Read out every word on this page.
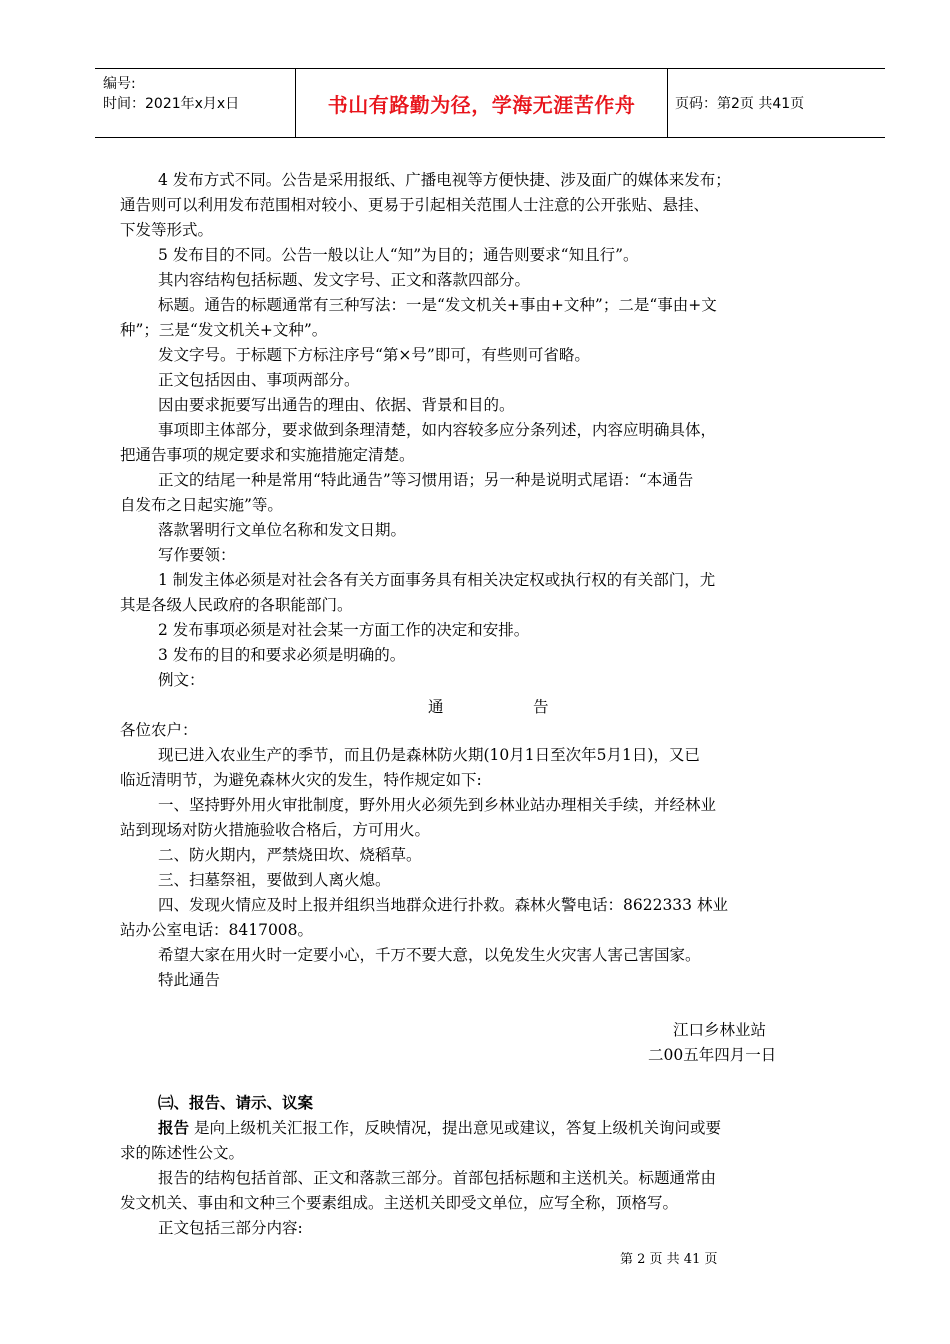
编号:
时间：2021年x月x日	书山有路勤为径，学海无涯苦作舟	页码：第2页 共41页
4 发布方式不同。公告是采用报纸、广播电视等方便快捷、涉及面广的媒体来发布；
通告则可以利用发布范围相对较小、更易于引起相关范围人士注意的公开张贴、悬挂、
下发等形式。
5 发布目的不同。公告一般以让人“知”为目的；通告则要求“知且行”。
其内容结构包括标题、发文字号、正文和落款四部分。
标题。通告的标题通常有三种写法：一是“发文机关+事由+文种”；二是“事由+文
种”；三是“发文机关+文种”。
发文字号。于标题下方标注序号“第×号”即可，有些则可省略。
正文包括因由、事项两部分。
因由要求扼要写出通告的理由、依据、背景和目的。
事项即主体部分，要求做到条理清楚，如内容较多应分条列述，内容应明确具体，
把通告事项的规定要求和实施措施定清楚。
正文的结尾一种是常用“特此通告”等习惯用语；另一种是说明式尾语：“本通告
自发布之日起实施”等。
落款署明行文单位名称和发文日期。
写作要领：
1 制发主体必须是对社会各有关方面事务具有相关决定权或执行权的有关部门，尤
其是各级人民政府的各职能部门。
2 发布事项必须是对社会某一方面工作的决定和安排。
3 发布的目的和要求必须是明确的。
例文：
通	告
各位农户：
现已进入农业生产的季节，而且仍是森林防火期(10月1日至次年5月1日)，又已
临近清明节，为避免森林火灾的发生，特作规定如下:
一、坚持野外用火审批制度，野外用火必须先到乡林业站办理相关手续，并经林业
站到现场对防火措施验收合格后，方可用火。
二、防火期内，严禁烧田坎、烧稻草。
三、扫墓祭祖，要做到人离火熄。
四、发现火情应及时上报并组织当地群众进行扑救。森林火警电话：8622333 林业
站办公室电话：8417008。
希望大家在用火时一定要小心，千万不要大意，以免发生火灾害人害己害国家。
特此通告
江口乡林业站
二00五年四月一日
㈢、报告、请示、议案
报告 是向上级机关汇报工作，反映情况，提出意见或建议，答复上级机关询问或要
求的陈述性公文。
报告的结构包括首部、正文和落款三部分。首部包括标题和主送机关。标题通常由
发文机关、事由和文种三个要素组成。主送机关即受文单位，应写全称，顶格写。
正文包括三部分内容:
第 2 页 共 41 页
